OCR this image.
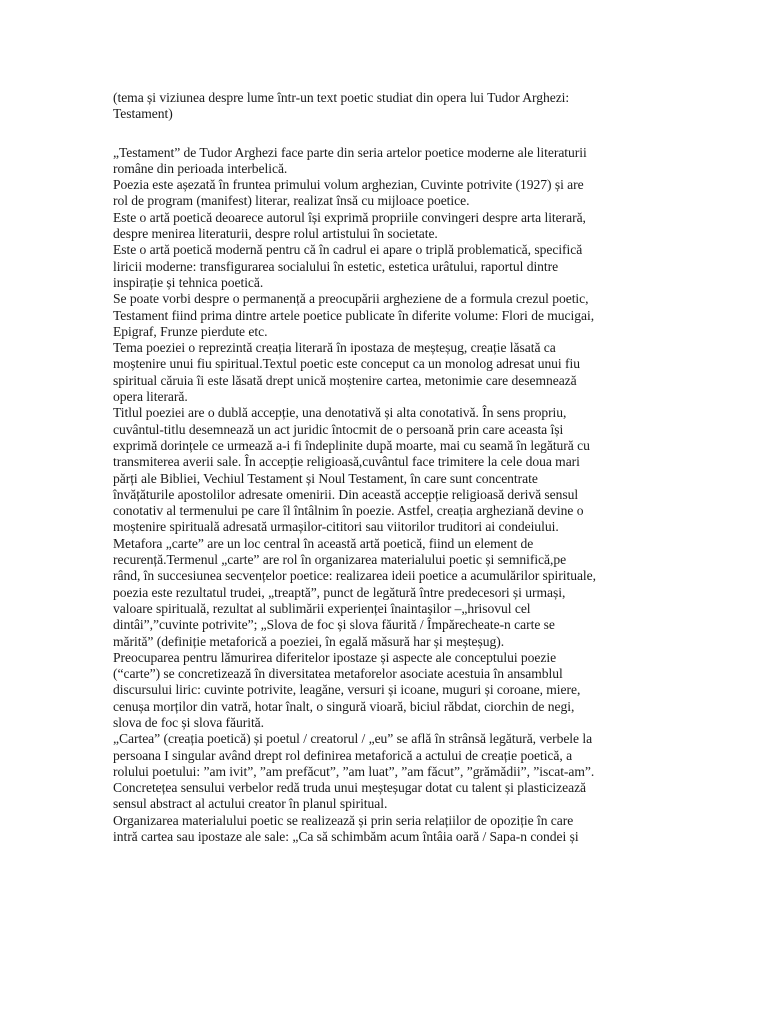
(tema și viziunea despre lume într-un text poetic studiat din opera lui Tudor Arghezi:

Testament)

„Testament” de Tudor Arghezi face parte din seria artelor poetice moderne ale literaturii

române din perioada interbelică.

Poezia este așezată în fruntea primului volum arghezian, Cuvinte potrivite (1927) și are

rol de program (manifest) literar, realizat însă cu mijloace poetice.

Este o artă poetică deoarece autorul își exprimă propriile convingeri despre arta literară,

despre menirea literaturii, despre rolul artistului în societate.

Este o artă poetică modernă pentru că în cadrul ei apare o triplă problematică, specifică

liricii moderne: transfigurarea socialului în estetic, estetica urâtului, raportul dintre

inspirație și tehnica poetică.

Se poate vorbi despre o permanență a preocupării argheziene de a formula crezul poetic,

Testament fiind prima dintre artele poetice publicate în diferite volume: Flori de mucigai,

Epigraf, Frunze pierdute etc.

Tema poeziei o reprezintă creația literară în ipostaza de meșteșug, creație lăsată ca

moștenire unui fiu spiritual.Textul poetic este conceput ca un monolog adresat unui fiu

spiritual căruia îi este lăsată drept unică moștenire cartea, metonimie care desemnează

opera literară.

Titlul poeziei are o dublă accepție, una denotativă și alta conotativă. În sens propriu,

cuvântul-titlu desemnează un act juridic întocmit de o persoană prin care aceasta își

exprimă dorințele ce urmează a-i fi îndeplinite după moarte, mai cu seamă în legătură cu

transmiterea averii sale. În accepție religioasă,cuvântul face trimitere la cele doua mari

părți ale Bibliei, Vechiul Testament și Noul Testament, în care sunt concentrate

învățăturile apostolilor adresate omenirii. Din această accepție religioasă derivă sensul

conotativ al termenului pe care îl întâlnim în poezie. Astfel, creația argheziană devine o

moștenire spirituală adresată urmașilor-cititori sau viitorilor truditori ai condeiului.

Metafora „carte” are un loc central în această artă poetică, fiind un element de

recurență.Termenul „carte” are rol în organizarea materialului poetic și semnifică,pe

rând, în succesiunea secvențelor poetice: realizarea ideii poetice a acumulărilor spirituale,

poezia este rezultatul trudei, „treaptă”, punct de legătură între predecesori și urmași,

valoare spirituală, rezultat al sublimării experienței înaintașilor –„hrisovul cel

dintâi”,”cuvinte potrivite”; „Slova de foc și slova făurită / Împărecheate-n carte se

mărită” (definiție metaforică a poeziei, în egală măsură har și meșteșug).

Preocuparea pentru lămurirea diferitelor ipostaze și aspecte ale conceptului poezie

(“carte”) se concretizează în diversitatea metaforelor asociate acestuia în ansamblul

discursului liric: cuvinte potrivite, leagăne, versuri și icoane, muguri și coroane, miere,

cenușa morților din vatră, hotar înalt, o singură vioară, biciul răbdat, ciorchin de negi,

slova de foc și slova făurită.

„Cartea” (creația poetică) și poetul / creatorul / „eu” se află în strânsă legătură, verbele la

persoana I singular având drept rol definirea metaforică a actului de creație poetică, a

rolului poetului: ”am ivit”, ”am prefăcut”, ”am luat”, ”am făcut”, ”grămădii”, ”iscat-am”.

Concretețea sensului verbelor redă truda unui meșteșugar dotat cu talent și plasticizează

sensul abstract al actului creator în planul spiritual.

Organizarea materialului poetic se realizează și prin seria relațiilor de opoziție în care

intră cartea sau ipostaze ale sale: „Ca să schimbăm acum întâia oară / Sapa-n condei și
